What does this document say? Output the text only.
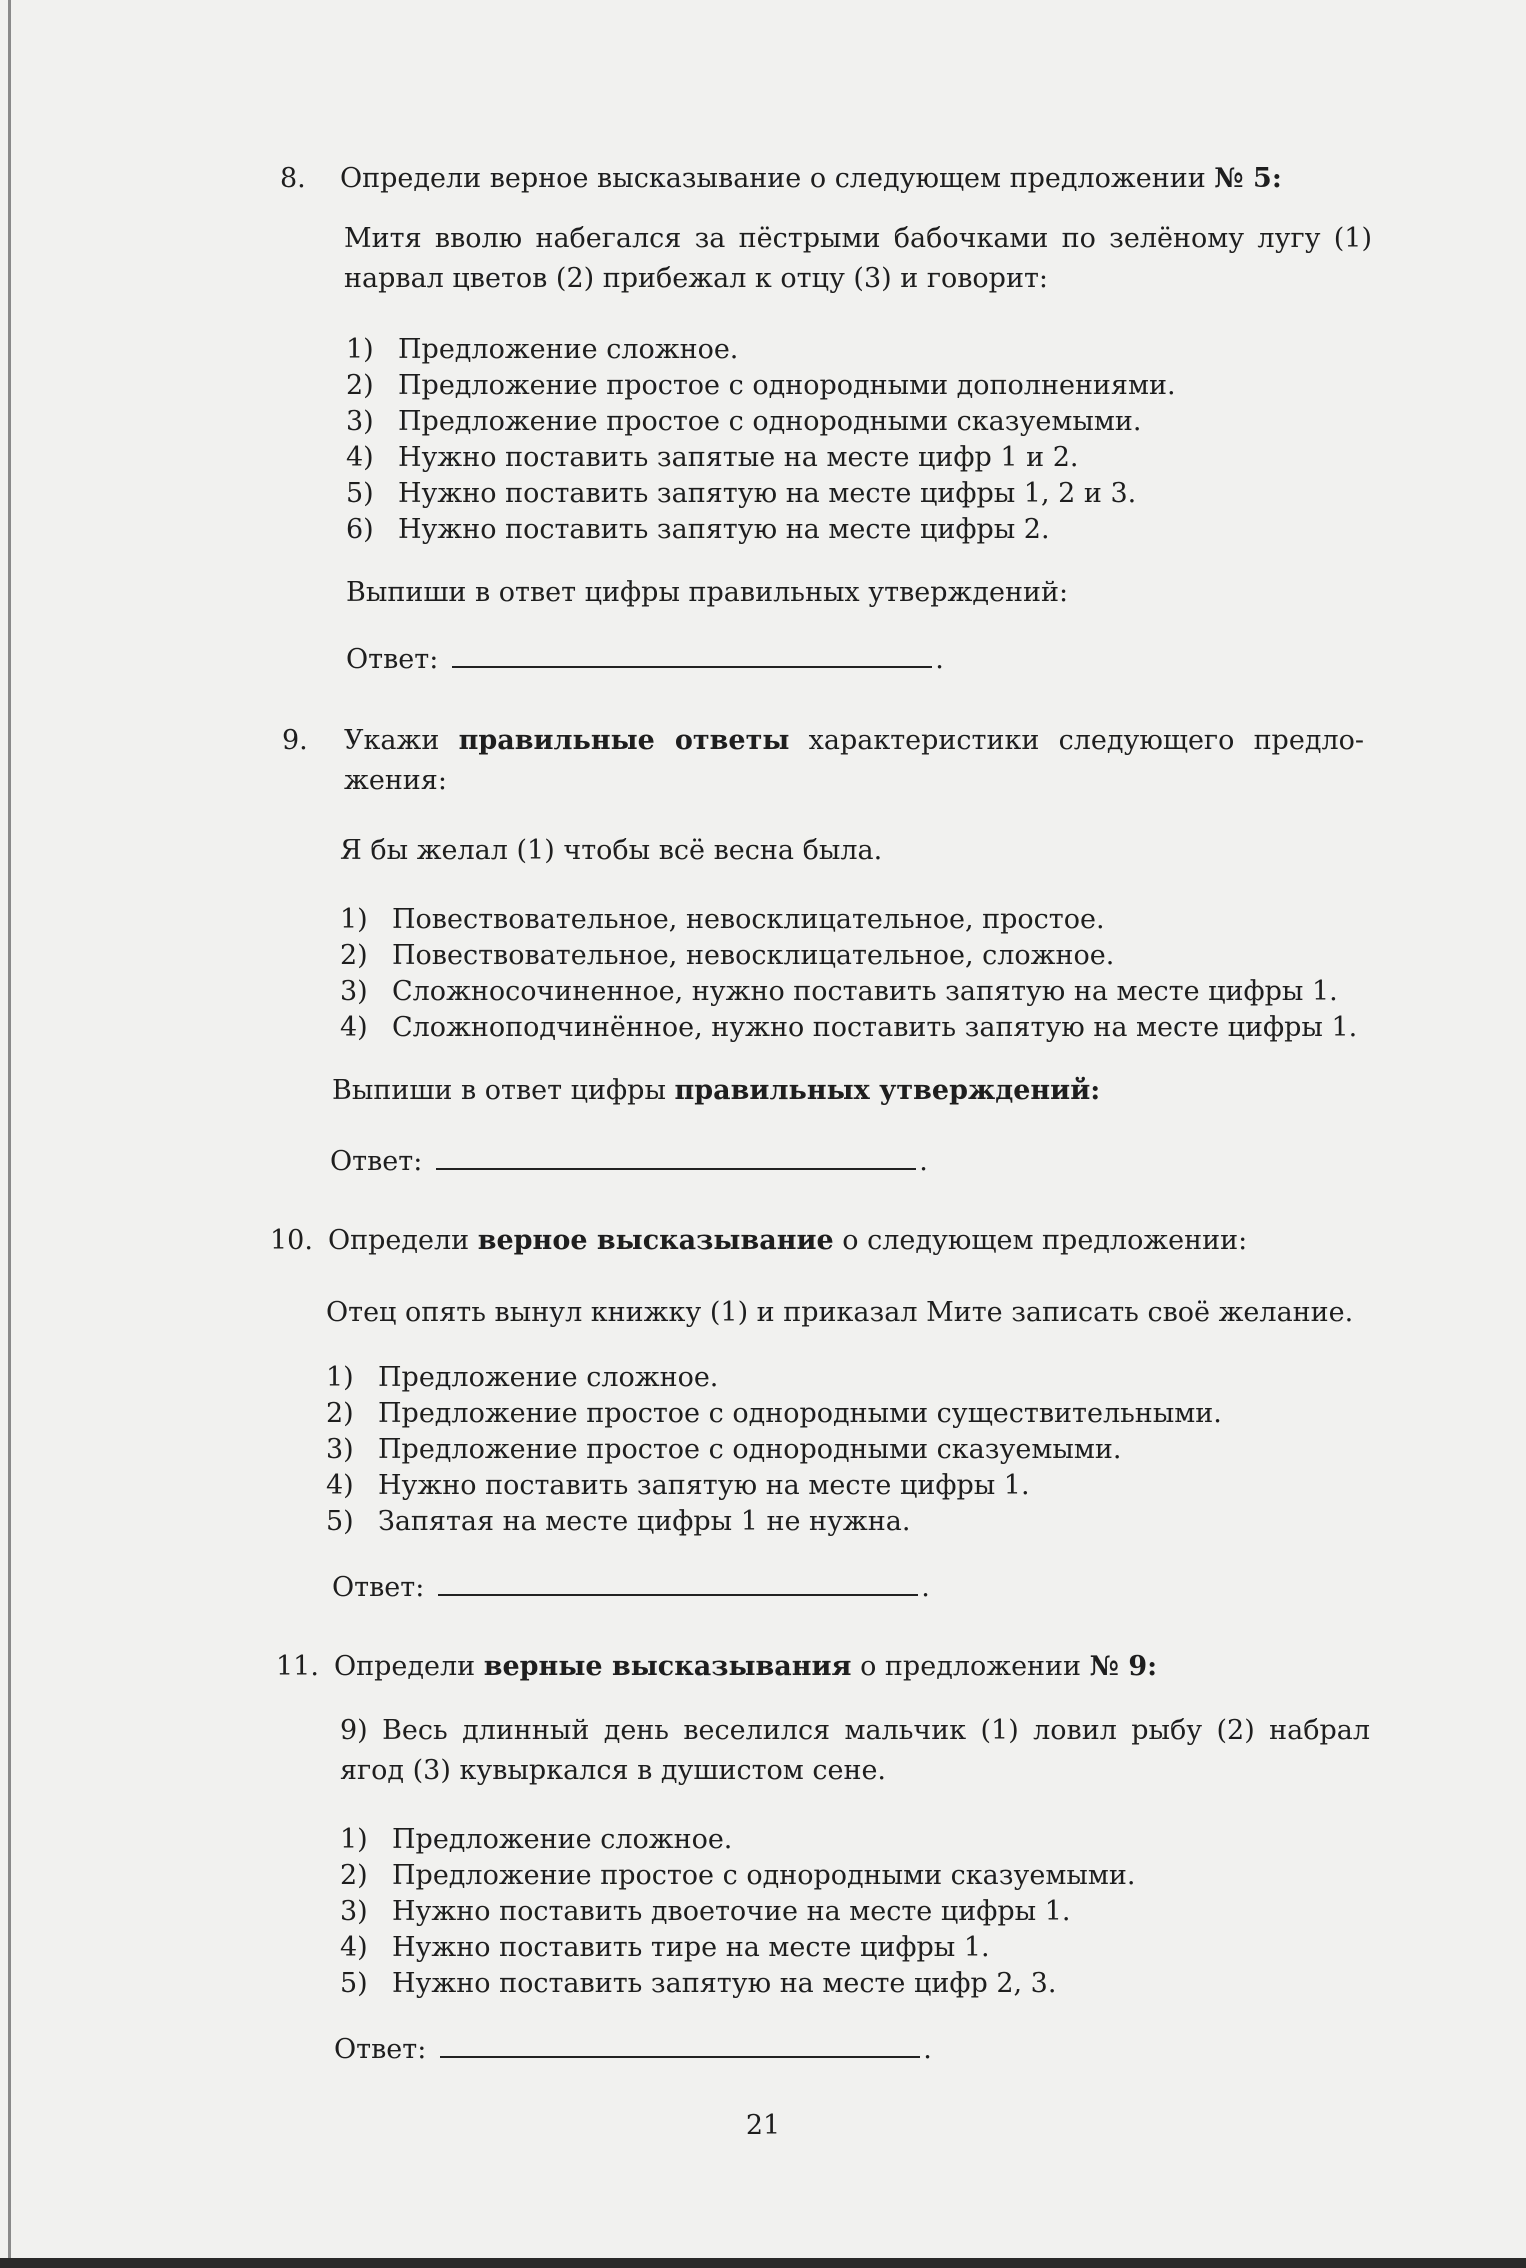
8. Определи верное высказывание о следующем предложении № 5:
Митя вволю набегался за пёстрыми бабочками по зелёному лугу (1)
нарвал цветов (2) прибежал к отцу (3) и говорит:
1) Предложение сложное.
2) Предложение простое с однородными дополнениями.
3) Предложение простое с однородными сказуемыми.
4) Нужно поставить запятые на месте цифр 1 и 2.
5) Нужно поставить запятую на месте цифры 1, 2 и 3.
6) Нужно поставить запятую на месте цифры 2.
Выпиши в ответ цифры правильных утверждений:
Ответ:	.
9. Укажи правильные ответы характеристики следующего предло-
жения:
Я бы желал (1) чтобы всё весна была.
1) Повествовательное, невосклицательное, простое.
2) Повествовательное, невосклицательное, сложное.
3) Сложносочиненное, нужно поставить запятую на месте цифры 1.
4) Сложноподчинённое, нужно поставить запятую на месте цифры 1.
Выпиши в ответ цифры правильных утверждений:
Ответ:	.
10. Определи верное высказывание о следующем предложении:
Отец опять вынул книжку (1) и приказал Мите записать своё желание.
1) Предложение сложное.
2) Предложение простое с однородными существительными.
3) Предложение простое с однородными сказуемыми.
4) Нужно поставить запятую на месте цифры 1.
5) Запятая на месте цифры 1 не нужна.
Ответ:	.
11. Определи верные высказывания о предложении № 9:
9) Весь длинный день веселился мальчик (1) ловил рыбу (2) набрал
ягод (3) кувыркался в душистом сене.
1) Предложение сложное.
2) Предложение простое с однородными сказуемыми.
3) Нужно поставить двоеточие на месте цифры 1.
4) Нужно поставить тире на месте цифры 1.
5) Нужно поставить запятую на месте цифр 2, 3.
Ответ:	.
21
